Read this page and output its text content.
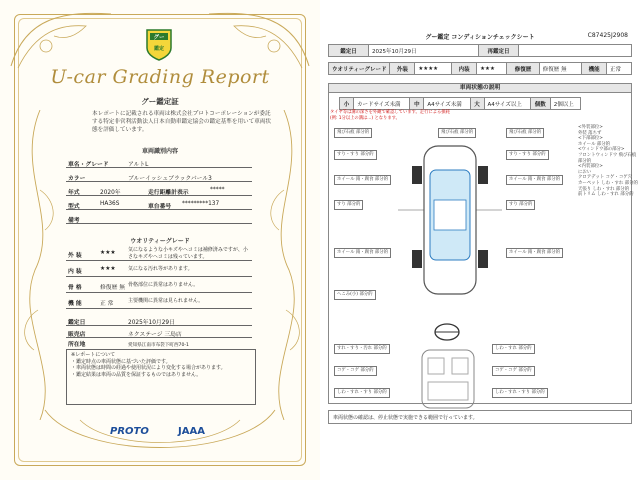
グー
鑑定
U-car Grading Report
グー鑑定証
本レポートに記載される車両は株式会社プロトコーポレーションが委託する特定非営利活動法人日本自動車鑑定協会の鑑定基準を用いて車両状態を評価しています。
車両識別内容
車名・グレード	アルトL
カラー	ブルーイッシュブラックパール3
年式	2020年	走行距離計表示	*****
型式	HA36S	車台番号 *********137
備考
ウオリティーグレード
外 装	★★★ 気になるような小キズやヘコミは補修済みですが、小さなキズやヘコミは残っています。
内 装	★★★ 気になる汚れ等があります。
骨 格	修復歴 無 骨格部位に異常はありません。
機 能	正 常	主要機関に異常は見られません。
鑑定日	2025年10月29日
販売店	ネクステージ 三島店
所在地	愛知県江南市布袋下町西70-1
※レポートについて
・鑑定時点の車両状態に基づいた評価です。
・車両状態は時間の経過や使用状況により変化する場合があります。
・鑑定結果は車両の品質を保証するものではありません。
PROTO	JAAA
グー鑑定 コンディションチェックシート	C87425J2908
鑑定日	2025年10月29日	再鑑定日	
ウオリティーグレード	外装	★★★★	内装	★★★	修復歴	修復歴 無	機能	正常
車両状態の説明
小	カードサイズ未満	中	A4サイズ未満	大	A4サイズ以上	個数	2個以上
タイヤ等は溝の深さを外観で確認しています。走行による損耗
(例: 1分以上の溝は...) となります。
飛び石痕 部分的
すり・すり 部分的
ホイール 錆・腐食 部分的
すり 部分的
ホイール 錆・腐食 部分的
へこみ(小) 部分的
飛び石痕 部分的	飛び石痕 部分的
すり・すり 部分的
ホイール 錆・腐食 部分的
すり 部分的
ホイール 錆・腐食 部分的
すれ・すり・汚れ 部分的
コゲ・コゲ 部分的
しわ・すれ・すり 部分的
しわ・すれ 部分的
コゲ・コゲ 部分的
しわ・すれ・すり 部分的
<外装部位>
外装 落ちず
<下部部位>
ホイール 部分的
<ウィンドウ部の部分>
フロントウィンドウ 飛び石痕 部分的
<内装部位>
におい
クロアデット コゲ・コゲ穴
カーペット しわ・すれ 部分的
天張り しわ・すれ 部分的
前トリム しわ・すれ 部分的
車両状態の確認は、停止状態で実施できる範囲で行っています。
